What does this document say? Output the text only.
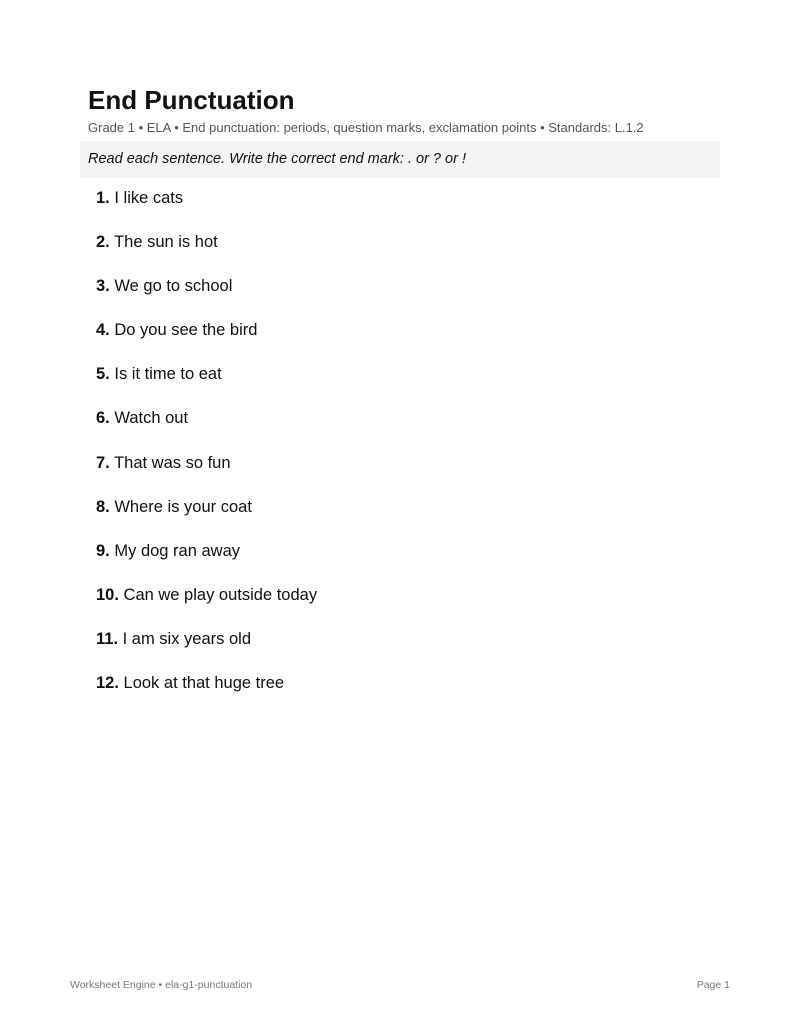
End Punctuation
Grade 1 • ELA • End punctuation: periods, question marks, exclamation points • Standards: L.1.2
Read each sentence. Write the correct end mark: . or ? or !
1. I like cats
2. The sun is hot
3. We go to school
4. Do you see the bird
5. Is it time to eat
6. Watch out
7. That was so fun
8. Where is your coat
9. My dog ran away
10. Can we play outside today
11. I am six years old
12. Look at that huge tree
Worksheet Engine • ela-g1-punctuation	Page 1
